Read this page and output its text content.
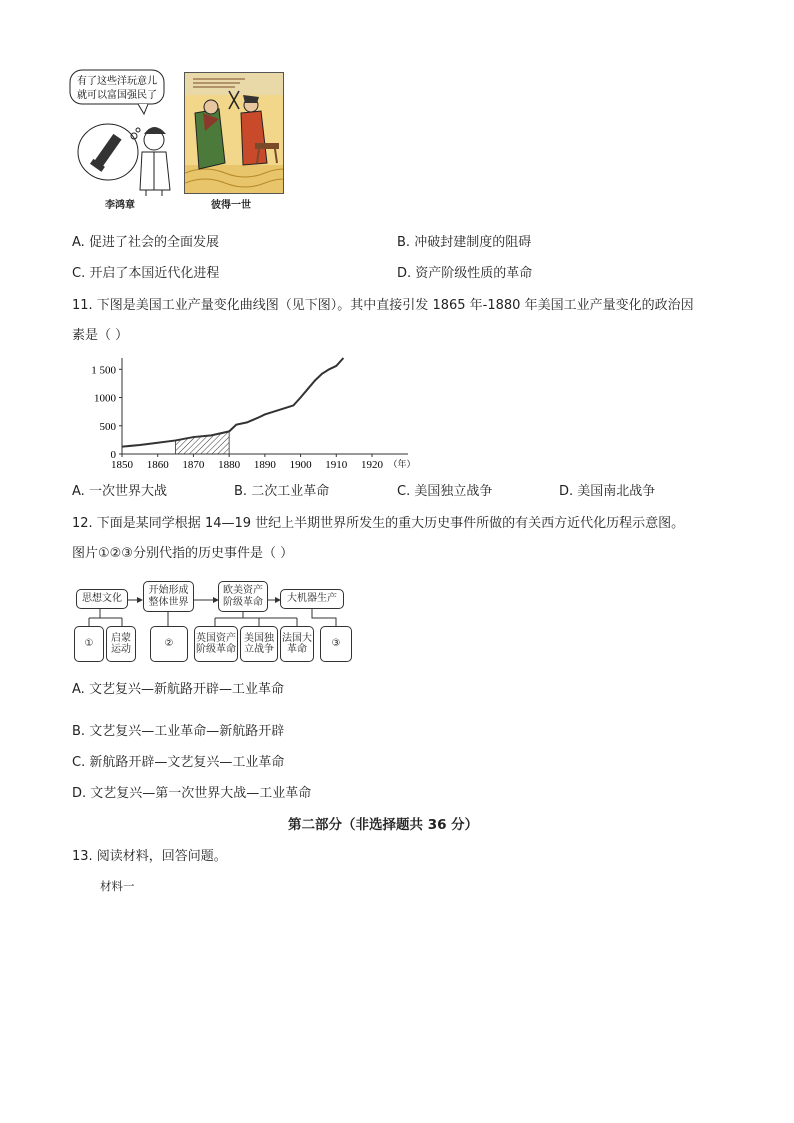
有了这些洋玩意儿
就可以富国强民了
李鸿章	彼得一世
A. 促进了社会的全面发展	B. 冲破封建制度的阻碍
C. 开启了本国近代化进程	D. 资产阶级性质的革命
11. 下图是美国工业产量变化曲线图（见下图）。其中直接引发 1865 年-1880 年美国工业产量变化的政治因
素是（ ）
0
500
1000
1 500
1850 1860 1870 1880 1890 1900 1910 1920 （年）
A. 一次世界大战	B. 二次工业革命	C. 美国独立战争	D. 美国南北战争
12. 下面是某同学根据 14—19 世纪上半期世界所发生的重大历史事件所做的有关西方近代化历程示意图。
图片①②③分别代指的历史事件是（ ）
思想文化
开始形成整体世界
欧美资产阶级革命	大机器生产
①
启蒙运动
②
英国资产阶级革命
美国独立战争
法国大革命
③
A. 文艺复兴—新航路开辟—工业革命
B. 文艺复兴—工业革命—新航路开辟
C. 新航路开辟—文艺复兴—工业革命
D. 文艺复兴—第一次世界大战—工业革命
第二部分（非选择题共 36 分）
13. 阅读材料，回答问题。
材料一
